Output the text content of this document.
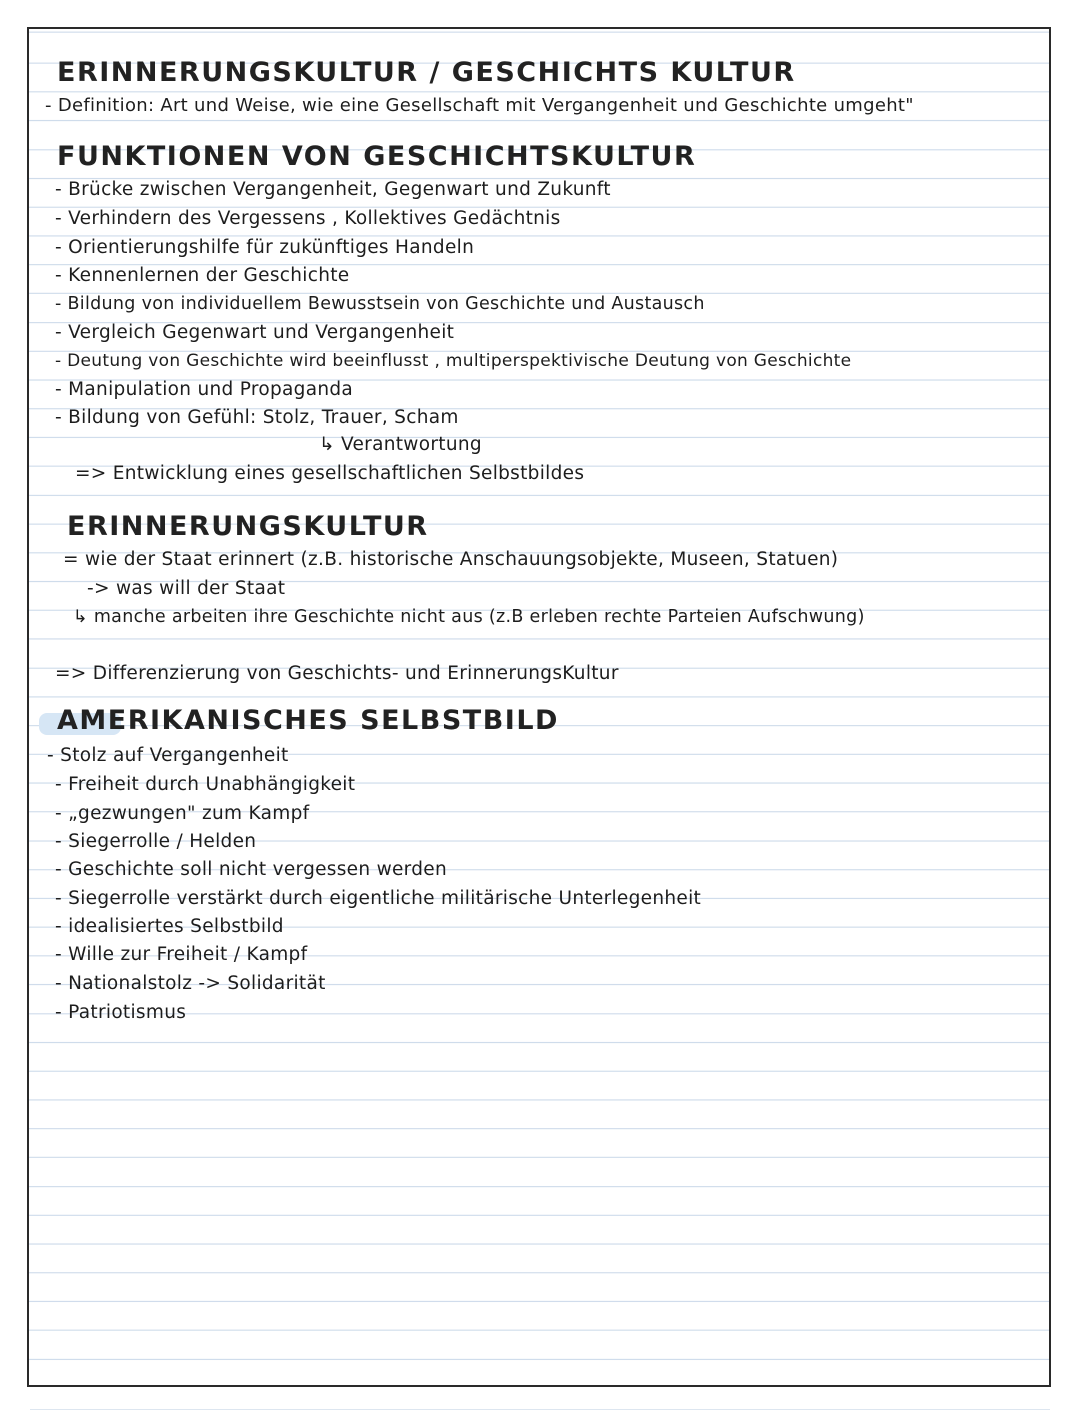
ERINNERUNGSKULTUR / GESCHICHTS KULTUR
- Definition: Art und Weise, wie eine Gesellschaft mit Vergangenheit und Geschichte umgeht"
FUNKTIONEN VON GESCHICHTSKULTUR
- Brücke zwischen Vergangenheit, Gegenwart und Zukunft
- Verhindern des Vergessens , Kollektives Gedächtnis
- Orientierungshilfe für zukünftiges Handeln
- Kennenlernen der Geschichte
- Bildung von individuellem Bewusstsein von Geschichte und Austausch
- Vergleich Gegenwart und Vergangenheit
- Deutung von Geschichte wird beeinflusst , multiperspektivische Deutung von Geschichte
- Manipulation und Propaganda
- Bildung von Gefühl: Stolz, Trauer, Scham
↳ Verantwortung
=> Entwicklung eines gesellschaftlichen Selbstbildes
ERINNERUNGSKULTUR
= wie der Staat erinnert (z.B. historische Anschauungsobjekte, Museen, Statuen)
-> was will der Staat
↳ manche arbeiten ihre Geschichte nicht aus (z.B erleben rechte Parteien Aufschwung)
=> Differenzierung von Geschichts- und ErinnerungsKultur
AMERIKANISCHES SELBSTBILD
- Stolz auf Vergangenheit
- Freiheit durch Unabhängigkeit
- „gezwungen" zum Kampf
- Siegerrolle / Helden
- Geschichte soll nicht vergessen werden
- Siegerrolle verstärkt durch eigentliche militärische Unterlegenheit
- idealisiertes Selbstbild
- Wille zur Freiheit / Kampf
- Nationalstolz -> Solidarität
- Patriotismus
